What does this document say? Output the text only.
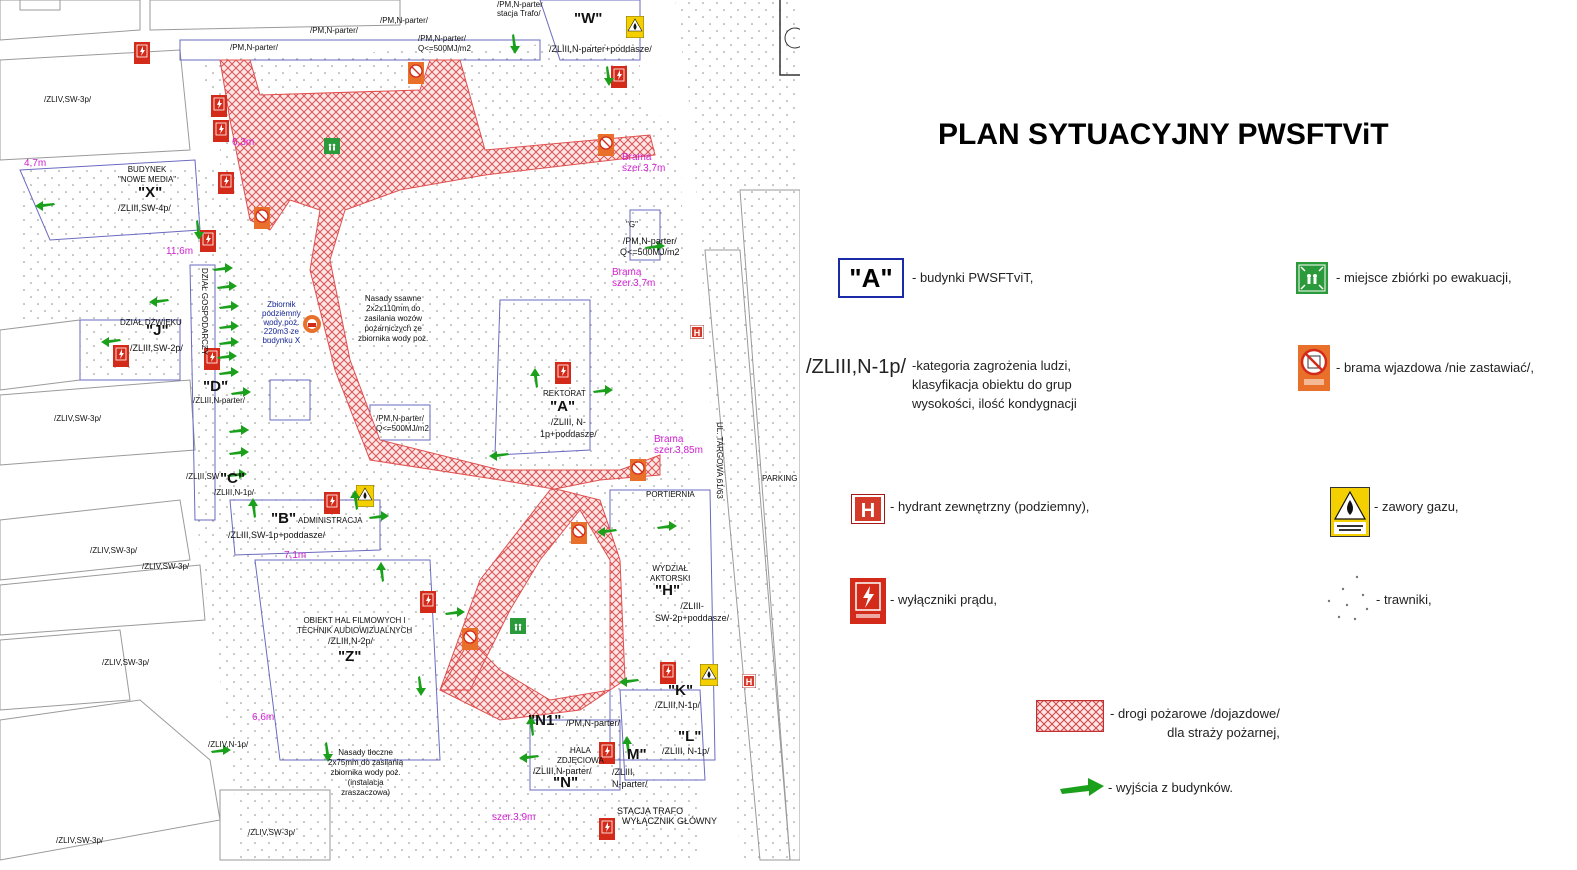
H
H
/PM,N-parter/
/PM,N-parter/
/PM,N-parter/
/PM,N-parter
stacja Trafo/
/PM,N-parter/
Q<=500MJ/m2
"W"
/ZLIII,N-parter+poddasze/
/ZLIV,SW-3p/
BUDYNEK
"NOWE MEDIA"
"X"
/ZLIII,SW-4p/
4,7m
6,3m
11,6m
DZIAŁ GOSPODARCZY
DZIAŁ DŹWIĘKU
"J"
/ZLIII,SW-2p/
Zbiornik
podziemny
wody poż.
220m3 ze
budynku X
Nasady ssawne
2x2x110mm do
zasilania wozów
pożarniczych ze
zbiornika wody poż.
"D"
/ZLIII,N-parter/
/ZLIV,SW-3p/	/PM,N-parter/
Q<=500MJ/m2
REKTORAT
"A"
/ZLIII, N-
1p+poddasze/
"G"
/PM,N-parter/
Q<=500MJ/m2
Brama
szer.3,7m
Brama
szer.3,7m
Brama
szer.3,85m
/ZLIII,SW "C"
/ZLIII,N-1p/
"B" ADMINISTRACJA
/ZLIII,SW-1p+poddasze/
7,1m
PORTIERNIA
PARKING
UL. TARGOWA 61/63
/ZLIV,SW-3p/
/ZLIV,SW-3p/
OBIEKT HAL FILMOWYCH I
TECHNIK AUDIOWIZUALNYCH
/ZLIII,N-2p/
"Z"
WYDZIAŁ
AKTORSKI
"H"
/ZLIII-
SW-2p+poddasze/
/ZLIV,SW-3p/
"K"
/ZLIII,N-1p/
6,6m
/ZLIV,N-1p/
Nasady tłoczne
2x75mm do zasilania
zbiornika wody poż.
(instalacja
zraszaczowa)
"N1" /PM,N-parter/
HALA
ZDJĘCIOWA
/ZLIII,N-parter/
"N"
M"
/ZLIII,
N-parter/
"L"
/ZLIII, N-1p/
STACJA TRAFO
WYŁĄCZNIK GŁÓWNY
szer.3,9m
/ZLIV,SW-3p/
/ZLIV,SW-3p/
PLAN SYTUACYJNY PWSFTViT
"A"	- budynki PWSFTviT,
/ZLIII,N-1p/ -kategoria zagrożenia ludzi,
klasyfikacja obiektu do grup
wysokości, ilość kondygnacji
H - hydrant zewnętrzny (podziemny),
- wyłączniki prądu,
- miejsce zbiórki po ewakuacji,
- brama wjazdowa /nie zastawiać/,
- zawory gazu,
- trawniki,
- drogi pożarowe /dojazdowe/
dla straży pożarnej,
- wyjścia z budynków.
